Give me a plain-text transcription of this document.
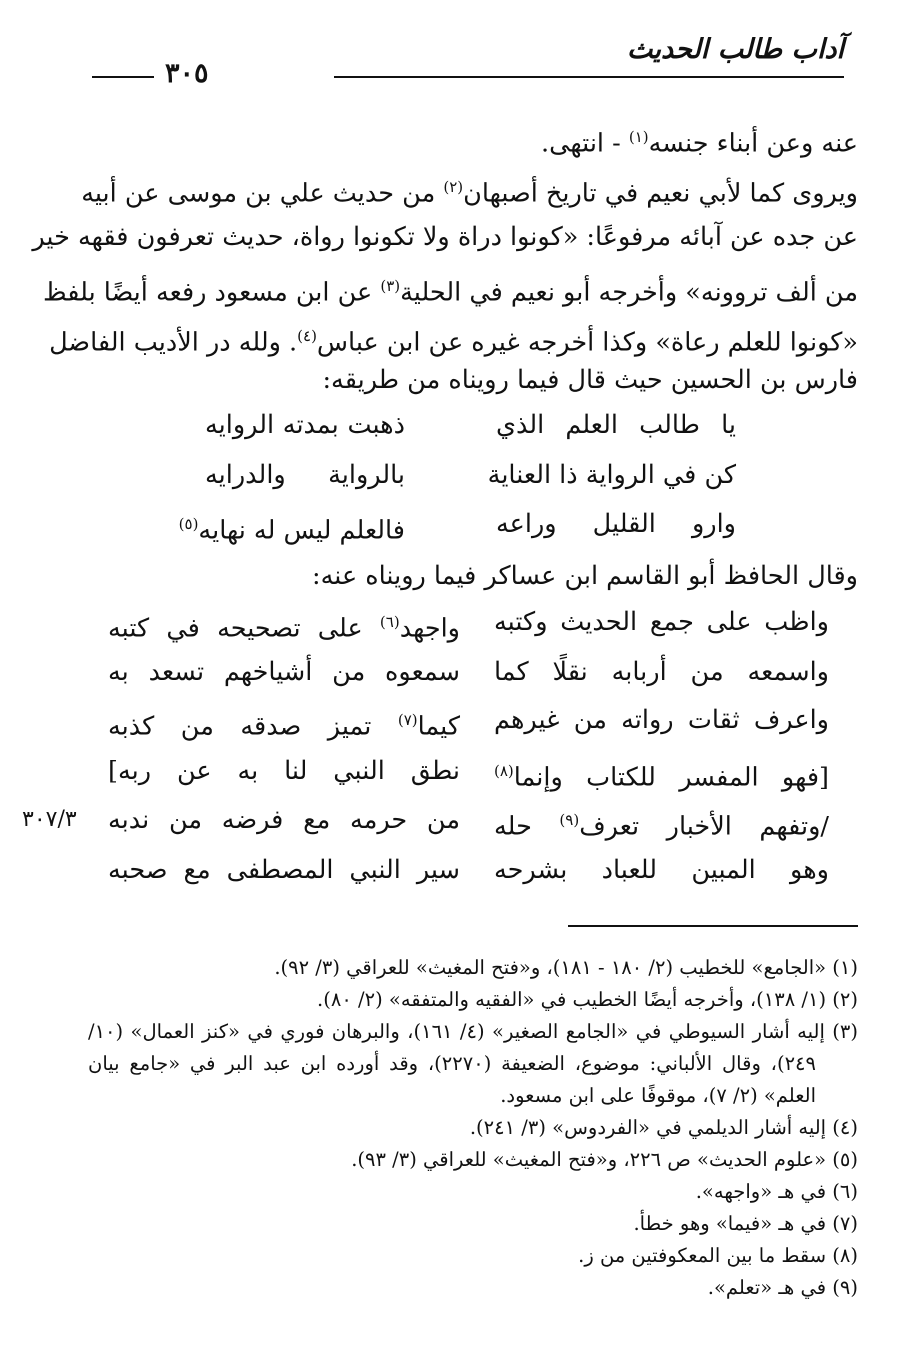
آداب طالب الحديث
٣٠٥
عنه وعن أبناء جنسه$^{(١)}$ - انتهى.
ويروى كما لأبي نعيم في تاريخ أصبهان$^{(٢)}$ من حديث علي بن موسى عن أبيه
عن جده عن آبائه مرفوعًا: «كونوا دراة ولا تكونوا رواة، حديث تعرفون فقهه خير
من ألف تروونه» وأخرجه أبو نعيم في الحلية$^{(٣)}$ عن ابن مسعود رفعه أيضًا بلفظ
«كونوا للعلم رعاة» وكذا أخرجه غيره عن ابن عباس$^{(٤)}$. ولله در الأديب الفاضل
فارس بن الحسين حيث قال فيما رويناه من طريقه:
يا طالب العلم الذي
ذهبت بمدته الروايه
كن في الرواية ذا العناية
بالرواية والدرايه
وارو القليل وراعه
فالعلم ليس له نهايه$^{(٥)}$
وقال الحافظ أبو القاسم ابن عساكر فيما رويناه عنه:
واظب على جمع الحديث وكتبه
واجهد$^{(٦)}$ على تصحيحه في كتبه
واسمعه من أربابه نقلًا كما
سمعوه من أشياخهم تسعد به
واعرف ثقات رواته من غيرهم
كيما$^{(٧)}$ تميز صدقه من كذبه
[فهو المفسر للكتاب وإنما$^{(٨)}$
نطق النبي لنا به عن ربه]
/وتفهم الأخبار تعرف$^{(٩)}$ حله
من حرمه مع فرضه من ندبه
٣٠٧/٣
وهو المبين للعباد بشرحه
سير النبي المصطفى مع صحبه
(١) «الجامع» للخطيب (٢/ ١٨٠ - ١٨١)، و«فتح المغيث» للعراقي (٣/ ٩٢).
(٢) (١/ ١٣٨)، وأخرجه أيضًا الخطيب في «الفقيه والمتفقه» (٢/ ٨٠).
(٣) إليه أشار السيوطي في «الجامع الصغير» (٤/ ١٦١)، والبرهان فوري في «كنز العمال» (١٠/
٢٤٩)، وقال الألباني: موضوع، الضعيفة (٢٢٧٠)، وقد أورده ابن عبد البر في «جامع بيان
العلم» (٢/ ٧)، موقوفًا على ابن مسعود.
(٤) إليه أشار الديلمي في «الفردوس» (٣/ ٢٤١).
(٥) «علوم الحديث» ص ٢٢٦، و«فتح المغيث» للعراقي (٣/ ٩٣).
(٦) في هـ «واجهه».
(٧) في هـ «فيما» وهو خطأ.
(٨) سقط ما بين المعكوفتين من ز.
(٩) في هـ «تعلم».
